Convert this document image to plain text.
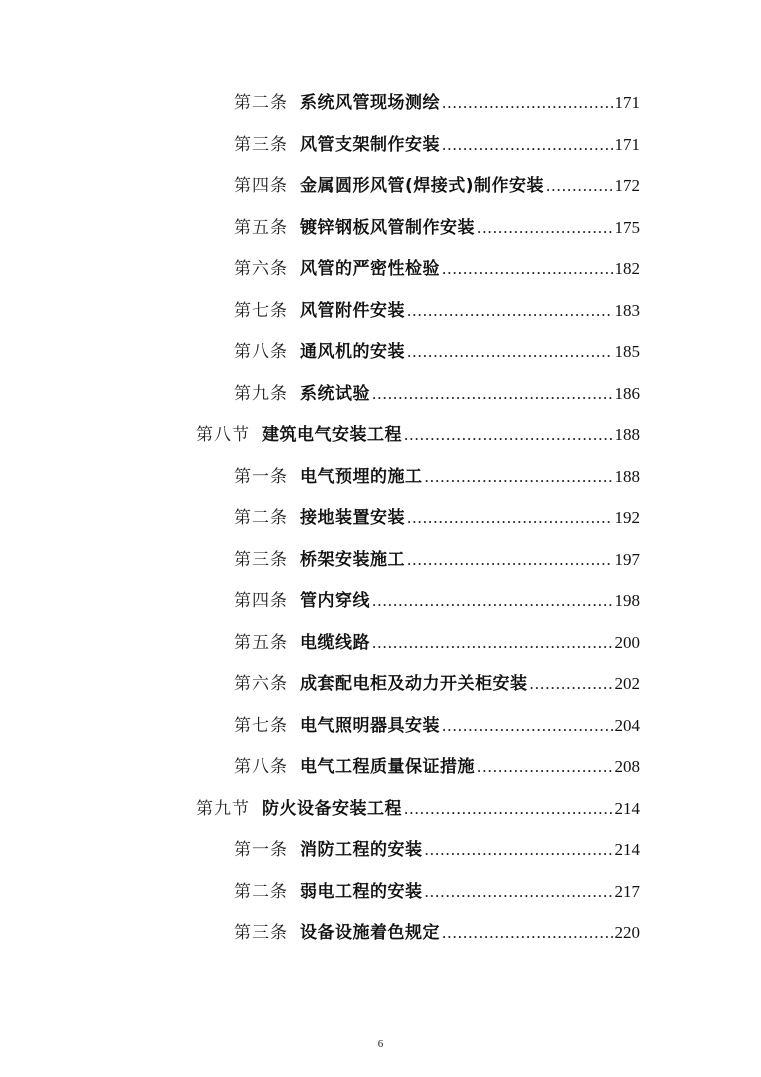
第二条 系统风管现场测绘 .....	171
第三条 风管支架制作安装 .....	171
第四条 金属圆形风管(焊接式)制作安装 .....	172
第五条 镀锌钢板风管制作安装 .....	175
第六条 风管的严密性检验 .....	182
第七条 风管附件安装 .....	183
第八条 通风机的安装 .....	185
第九条 系统试验 .....	186
第八节 建筑电气安装工程 .....	188
第一条 电气预埋的施工 .....	188
第二条 接地装置安装 .....	192
第三条 桥架安装施工 .....	197
第四条 管内穿线 .....	198
第五条 电缆线路 .....	200
第六条 成套配电柜及动力开关柜安装 .....	202
第七条 电气照明器具安装 .....	204
第八条 电气工程质量保证措施 .....	208
第九节 防火设备安装工程 .....	214
第一条 消防工程的安装 .....	214
第二条 弱电工程的安装 .....	217
第三条 设备设施着色规定 .....	220
6
